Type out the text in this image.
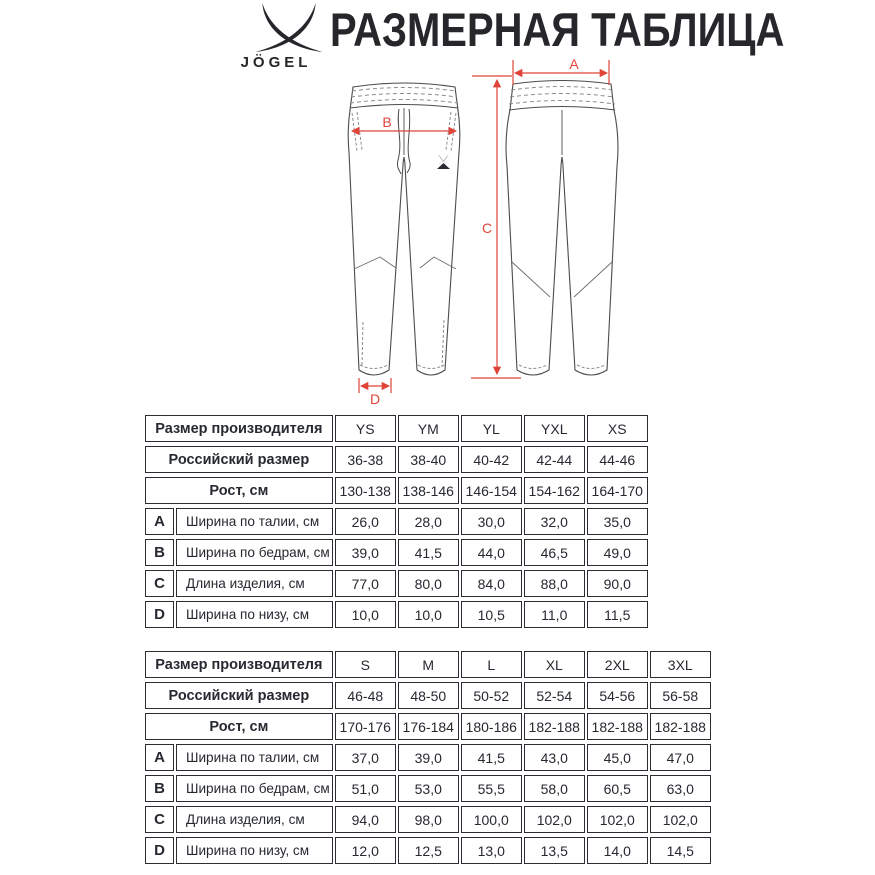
JÖGEL
РАЗМЕРНАЯ ТАБЛИЦА
A
B
C
D
Размер производителя		YS	YM	YL	YXL	XS
Российский размер		36-38	38-40	40-42	42-44	44-46
Рост, см		130-138	138-146	146-154	154-162	164-170
A	Ширина по талии, см	26,0	28,0	30,0	32,0	35,0
B	Ширина по бедрам, см	39,0	41,5	44,0	46,5	49,0
C	Длина изделия, см	77,0	80,0	84,0	88,0	90,0
D	Ширина по низу, см	10,0	10,0	10,5	11,0	11,5
Размер производителя		S	M	L	XL	2XL	3XL
Российский размер		46-48	48-50	50-52	52-54	54-56	56-58
Рост, см		170-176	176-184	180-186	182-188	182-188	182-188
A	Ширина по талии, см	37,0	39,0	41,5	43,0	45,0	47,0
B	Ширина по бедрам, см	51,0	53,0	55,5	58,0	60,5	63,0
C	Длина изделия, см	94,0	98,0	100,0	102,0	102,0	102,0
D	Ширина по низу, см	12,0	12,5	13,0	13,5	14,0	14,5
